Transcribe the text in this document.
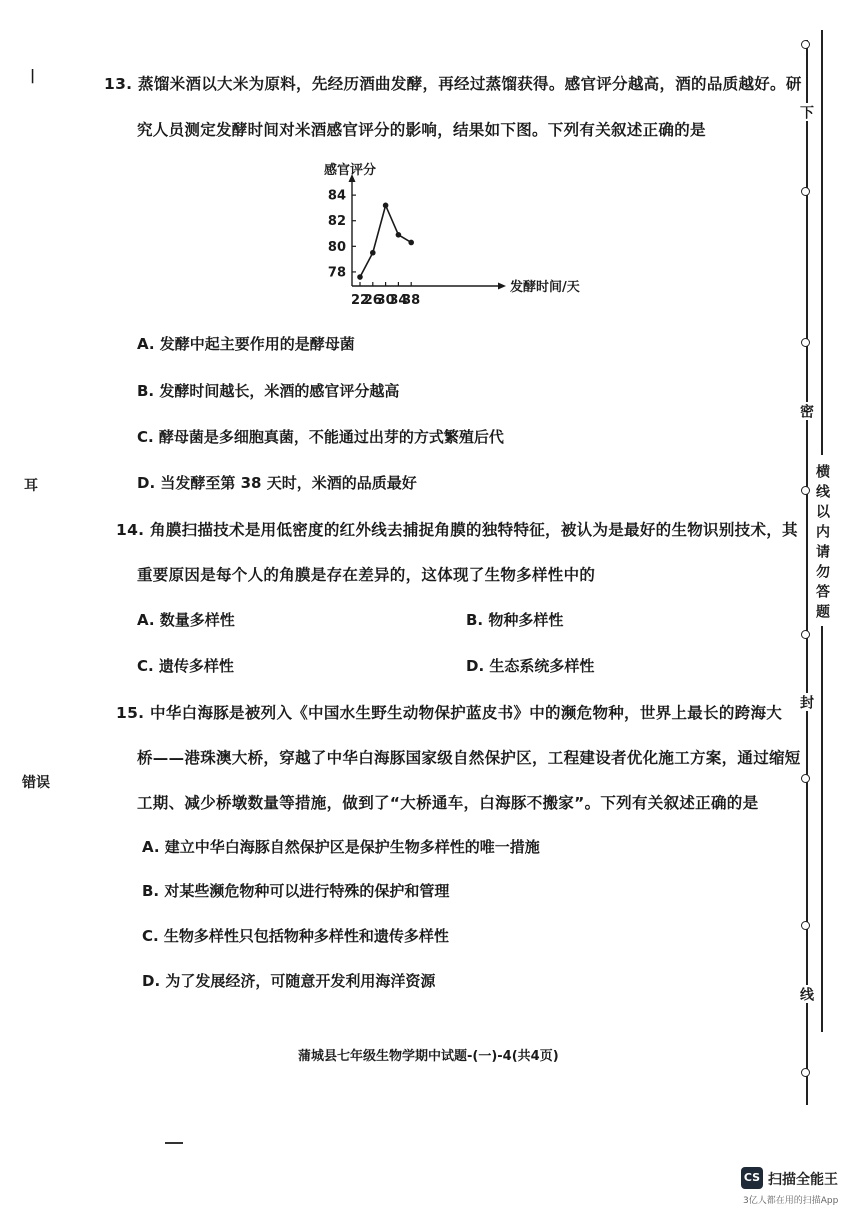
|
耳
错误
13. 蒸馏米酒以大米为原料，先经历酒曲发酵，再经过蒸馏获得。感官评分越高，酒的品质越好。研
究人员测定发酵时间对米酒感官评分的影响，结果如下图。下列有关叙述正确的是
78
80
82
84
22
26
30
34
38
感官评分
发酵时间/天
A. 发酵中起主要作用的是酵母菌
B. 发酵时间越长，米酒的感官评分越高
C. 酵母菌是多细胞真菌，不能通过出芽的方式繁殖后代
D. 当发酵至第 38 天时，米酒的品质最好
14. 角膜扫描技术是用低密度的红外线去捕捉角膜的独特特征，被认为是最好的生物识别技术，其
重要原因是每个人的角膜是存在差异的，这体现了生物多样性中的
A. 数量多样性	B. 物种多样性
C. 遗传多样性	D. 生态系统多样性
15. 中华白海豚是被列入《中国水生野生动物保护蓝皮书》中的濒危物种，世界上最长的跨海大
桥——港珠澳大桥，穿越了中华白海豚国家级自然保护区，工程建设者优化施工方案，通过缩短
工期、减少桥墩数量等措施，做到了“大桥通车，白海豚不搬家”。下列有关叙述正确的是
A. 建立中华白海豚自然保护区是保护生物多样性的唯一措施
B. 对某些濒危物种可以进行特殊的保护和管理
C. 生物多样性只包括物种多样性和遗传多样性
D. 为了发展经济，可随意开发利用海洋资源
蒲城县七年级生物学期中试题-(一)-4(共4页)
下
密
封
线
横线以内请勿答题
CS 扫描全能王
3亿人都在用的扫描App
